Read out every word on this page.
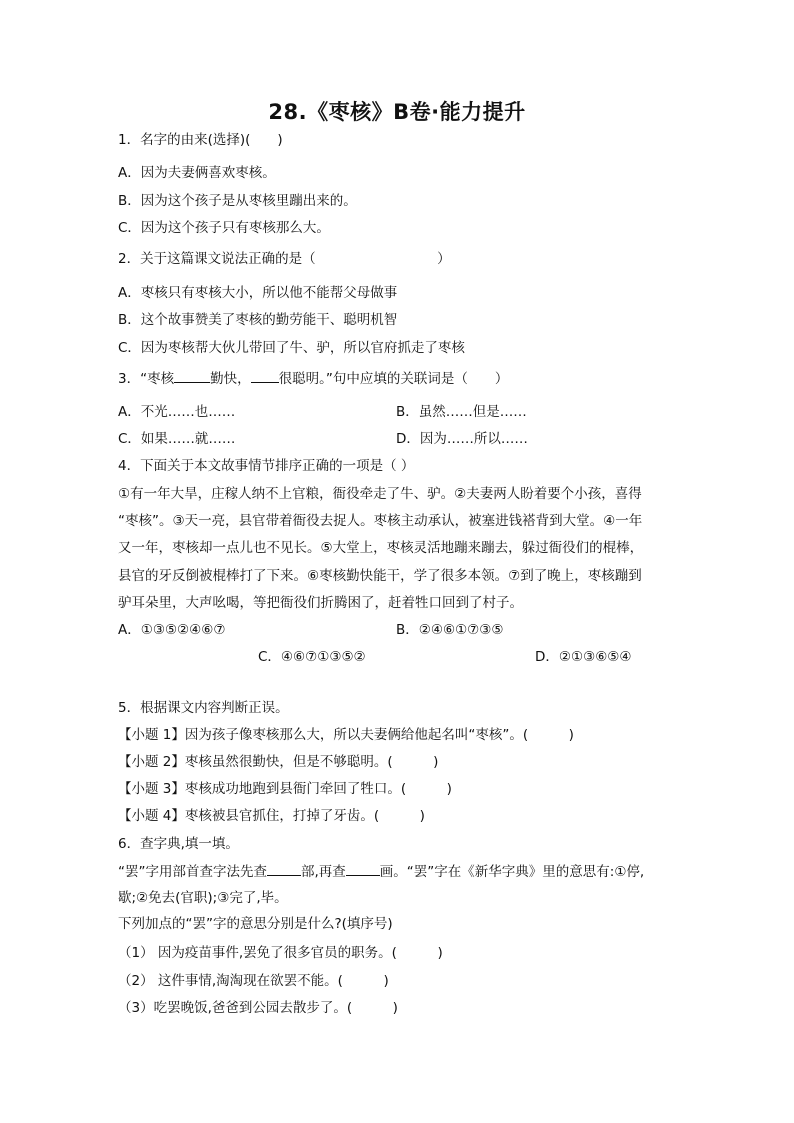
28.《枣核》B卷·能力提升
1．名字的由来(选择)(　　)
A．因为夫妻俩喜欢枣核。
B．因为这个孩子是从枣核里蹦出来的。
C．因为这个孩子只有枣核那么大。
2．关于这篇课文说法正确的是（　　　　　　　　　）
A．枣核只有枣核大小，所以他不能帮父母做事
B．这个故事赞美了枣核的勤劳能干、聪明机智
C．因为枣核帮大伙儿带回了牛、驴，所以官府抓走了枣核
3．“枣核	勤快， 很聪明。”句中应填的关联词是（　　）
A．不光……也……	B．虽然……但是……
C．如果……就……	D．因为……所以……
4．下面关于本文故事情节排序正确的一项是（ ）
①有一年大旱，庄稼人纳不上官粮，衙役牵走了牛、驴。②夫妻两人盼着要个小孩，喜得
“枣核”。③天一亮，县官带着衙役去捉人。枣核主动承认，被塞进钱褡背到大堂。④一年
又一年，枣核却一点儿也不见长。⑤大堂上，枣核灵活地蹦来蹦去，躲过衙役们的棍棒，
县官的牙反倒被棍棒打了下来。⑥枣核勤快能干，学了很多本领。⑦到了晚上，枣核蹦到
驴耳朵里，大声吆喝，等把衙役们折腾困了，赶着牲口回到了村子。
A．①③⑤②④⑥⑦	B．②④⑥①⑦③⑤
C．④⑥⑦①③⑤②	D．②①③⑥⑤④
5．根据课文内容判断正误。
【小题 1】因为孩子像枣核那么大，所以夫妻俩给他起名叫“枣核”。(　　　)
【小题 2】枣核虽然很勤快，但是不够聪明。(　　　)
【小题 3】枣核成功地跑到县衙门牵回了牲口。(　　　)
【小题 4】枣核被县官抓住，打掉了牙齿。(　　　)
6．查字典,填一填。
“罢”字用部首查字法先查	部,再查	画。“罢”字在《新华字典》里的意思有:①停,
歇;②免去(官职);③完了,毕。
下列加点的“罢”字的意思分别是什么?(填序号)
（1） 因为疫苗事件,罢免了很多官员的职务。(　　　)
（2） 这件事情,淘淘现在欲罢不能。(　　　)
（3）吃罢晚饭,爸爸到公园去散步了。(　　　)
